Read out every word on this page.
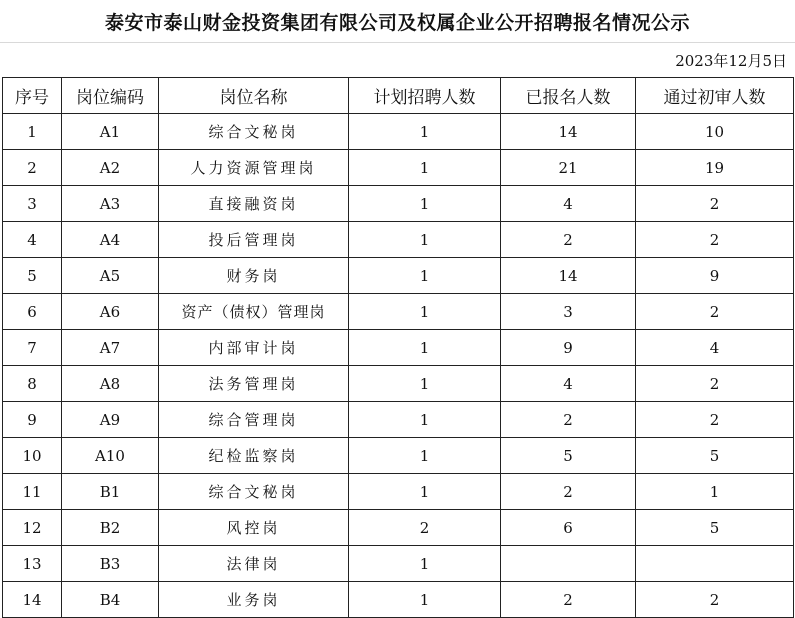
泰安市泰山财金投资集团有限公司及权属企业公开招聘报名情况公示
2023年12月5日
序号	岗位编码	岗位名称	计划招聘人数	已报名人数	通过初审人数
1	A1	综合文秘岗	1	14	10
2	A2	人力资源管理岗	1	21	19
3	A3	直接融资岗	1	4	2
4	A4	投后管理岗	1	2	2
5	A5	财务岗	1	14	9
6	A6	资产（债权）管理岗	1	3	2
7	A7	内部审计岗	1	9	4
8	A8	法务管理岗	1	4	2
9	A9	综合管理岗	1	2	2
10	A10	纪检监察岗	1	5	5
11	B1	综合文秘岗	1	2	1
12	B2	风控岗	2	6	5
13	B3	法律岗	1		
14	B4	业务岗	1	2	2
